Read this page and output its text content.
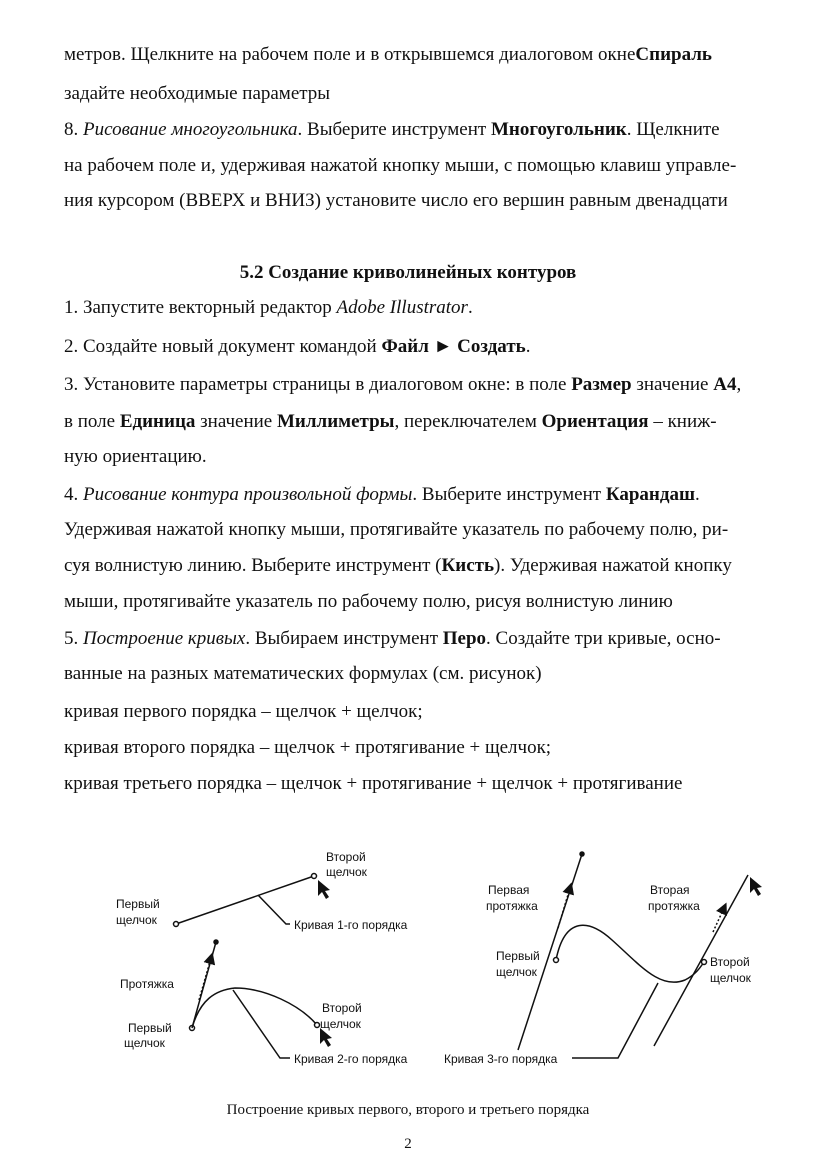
метров. Щелкните на рабочем поле и в открывшемся диалоговом окнеСпираль
задайте необходимые параметры
8. Рисование многоугольника. Выберите инструмент Многоугольник. Щелкните
на рабочем поле и, удерживая нажатой кнопку мыши, с помощью клавиш управле-
ния курсором (ВВЕРХ и ВНИЗ) установите число его вершин равным двенадцати
5.2 Создание криволинейных контуров
1. Запустите векторный редактор Adobe Illustrator.
2. Создайте новый документ командой Файл ► Создать.
3. Установите параметры страницы в диалоговом окне: в поле Размер значение А4,
в поле Единица значение Миллиметры, переключателем Ориентация – книж-
ную ориентацию.
4. Рисование контура произвольной формы. Выберите инструмент Карандаш.
Удерживая нажатой кнопку мыши, протягивайте указатель по рабочему полю, ри-
суя волнистую линию. Выберите инструмент (Кисть). Удерживая нажатой кнопку
мыши, протягивайте указатель по рабочему полю, рисуя волнистую линию
5. Построение кривых. Выбираем инструмент Перо. Создайте три кривые, осно-
ванные на разных математических формулах (см. рисунок)
кривая первого порядка – щелчок + щелчок;
кривая второго порядка – щелчок + протягивание + щелчок;
кривая третьего порядка – щелчок + протягивание + щелчок + протягивание
Второй
щелчок
Первый
щелчок	Кривая 1-го порядка
Протяжка
Первый
щелчок
Второй
щелчок
Кривая 2-го порядка
Первая
протяжка
Вторая
протяжка
Первый
щелчок
Второй
щелчок
Кривая 3-го порядка
Построение кривых первого, второго и третьего порядка
2
